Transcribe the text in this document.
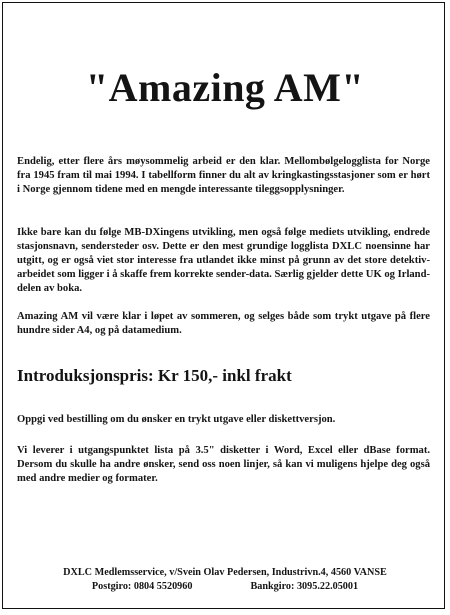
"Amazing AM"
Endelig, etter flere års møysommelig arbeid er den klar. Mellombølgelogglista for Norge fra 1945 fram til mai 1994. I tabellform finner du alt av kringkastingsstasjoner som er hørt i Norge gjennom tidene med en mengde interessante tileggsopplysninger.
Ikke bare kan du følge MB-DXingens utvikling, men også følge mediets utvikling, endrede stasjonsnavn, sendersteder osv. Dette er den mest grundige logglista DXLC noensinne har utgitt, og er også viet stor interesse fra utlandet ikke minst på grunn av det store detektiv-arbeidet som ligger i å skaffe frem korrekte sender-data. Særlig gjelder dette UK og Irland-delen av boka.
Amazing AM vil være klar i løpet av sommeren, og selges både som trykt utgave på flere hundre sider A4, og på datamedium.
Introduksjonspris: Kr 150,- inkl frakt
Oppgi ved bestilling om du ønsker en trykt utgave eller diskettversjon.
Vi leverer i utgangspunktet lista på 3.5" disketter i Word, Excel eller dBase format. Dersom du skulle ha andre ønsker, send oss noen linjer, så kan vi muligens hjelpe deg også med andre medier og formater.
DXLC Medlemsservice, v/Svein Olav Pedersen, Industrivn.4, 4560 VANSE
Postgiro: 0804 5520960	Bankgiro: 3095.22.05001
